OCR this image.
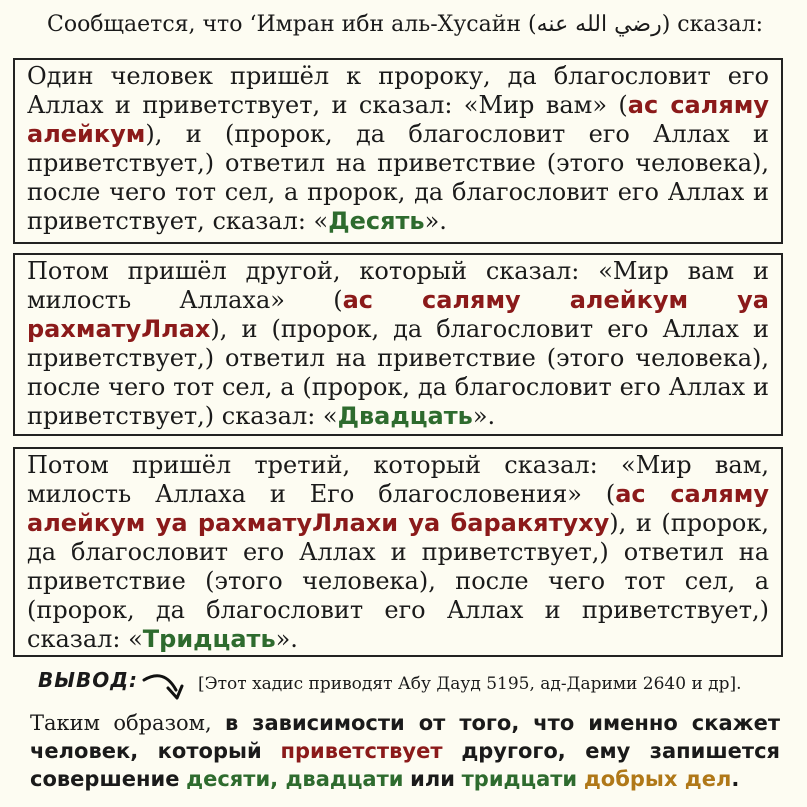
Сообщается, что ‘Имран ибн аль-Хусайн (رضي الله عنه) сказал:
Один человек пришёл к пророку, да благословит его Аллах и приветствует, и сказал: «Мир вам» (ас саляму алейкум), и (пророк, да благословит его Аллах и приветствует,) ответил на приветствие (этого человека), после чего тот сел, а пророк, да благословит его Аллах и приветствует, сказал: «Десять».
Потом пришёл другой, который сказал: «Мир вам и милость Аллаха» (ас саляму алейкум уа рахматуЛлах), и (пророк, да благословит его Аллах и приветствует,) ответил на приветствие (этого человека), после чего тот сел, а (пророк, да благословит его Аллах и приветствует,) сказал: «Двадцать».
Потом пришёл третий, который сказал: «Мир вам, милость Аллаха и Его благословения» (ас саляму алейкум уа рахматуЛлахи уа баракятуху), и (пророк, да благословит его Аллах и приветствует,) ответил на приветствие (этого человека), после чего тот сел, а (пророк, да благословит его Аллах и приветствует,) сказал: «Тридцать».
ВЫВОД:	[Этот хадис приводят Абу Дауд 5195, ад-Дарими 2640 и др].
Таким образом, в зависимости от того, что именно скажет человек, который приветствует другого, ему запишется совершение десяти, двадцати или тридцати добрых дел.
